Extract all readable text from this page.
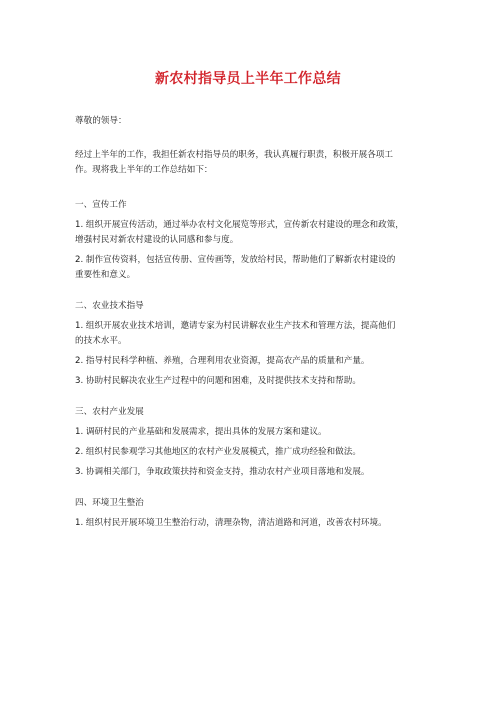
新农村指导员上半年工作总结

尊敬的领导：

经过上半年的工作，我担任新农村指导员的职务，我认真履行职责，积极开展各项工

作。现将我上半年的工作总结如下：

一、宣传工作

1. 组织开展宣传活动，通过举办农村文化展览等形式，宣传新农村建设的理念和政策，

增强村民对新农村建设的认同感和参与度。

2. 制作宣传资料，包括宣传册、宣传画等，发放给村民，帮助他们了解新农村建设的

重要性和意义。

二、农业技术指导

1. 组织开展农业技术培训，邀请专家为村民讲解农业生产技术和管理方法，提高他们

的技术水平。

2. 指导村民科学种植、养殖，合理利用农业资源，提高农产品的质量和产量。

3. 协助村民解决农业生产过程中的问题和困难，及时提供技术支持和帮助。

三、农村产业发展

1. 调研村民的产业基础和发展需求，提出具体的发展方案和建议。

2. 组织村民参观学习其他地区的农村产业发展模式，推广成功经验和做法。

3. 协调相关部门，争取政策扶持和资金支持，推动农村产业项目落地和发展。

四、环境卫生整治

1. 组织村民开展环境卫生整治行动，清理杂物，清洁道路和河道，改善农村环境。
